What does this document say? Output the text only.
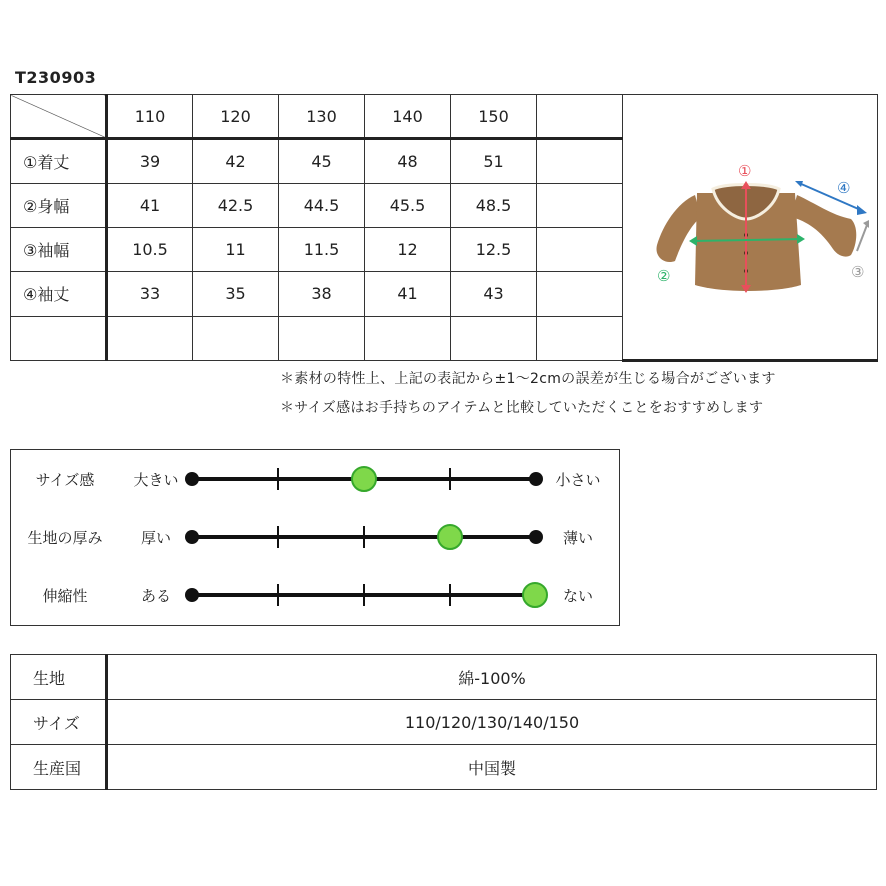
T230903
	110	120	130	140	150		①
② ③
④

①着丈	39	42	45	48	51		
②身幅	41	42.5	44.5	45.5	48.5		
③袖幅	10.5	11	11.5	12	12.5		
④袖丈	33	35	38	41	43		

＊素材の特性上、上記の表記から±1～2cmの誤差が生じる場合がございます
＊サイズ感はお手持ちのアイテムと比較していただくことをおすすめします
サイズ感	大きい	小さい
生地の厚み	厚い	薄い
伸縮性	ある	ない
生地	綿-100%
サイズ	110/120/130/140/150
生産国	中国製
